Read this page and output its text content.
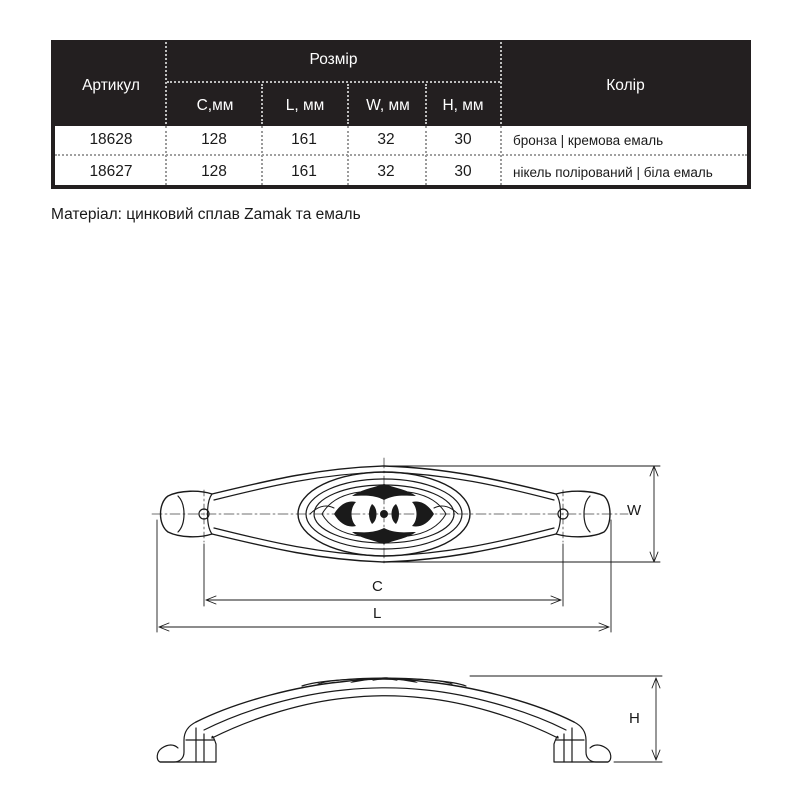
Артикул
Розмір
Колір
C,мм	L, мм	W, мм	H, мм
18628	128	161	32	30	бронза | кремова емаль
18627	128	161	32	30	нікель полірований | біла емаль
Матеріал: цинковий сплав Zamak та емаль
W
C
L
H
